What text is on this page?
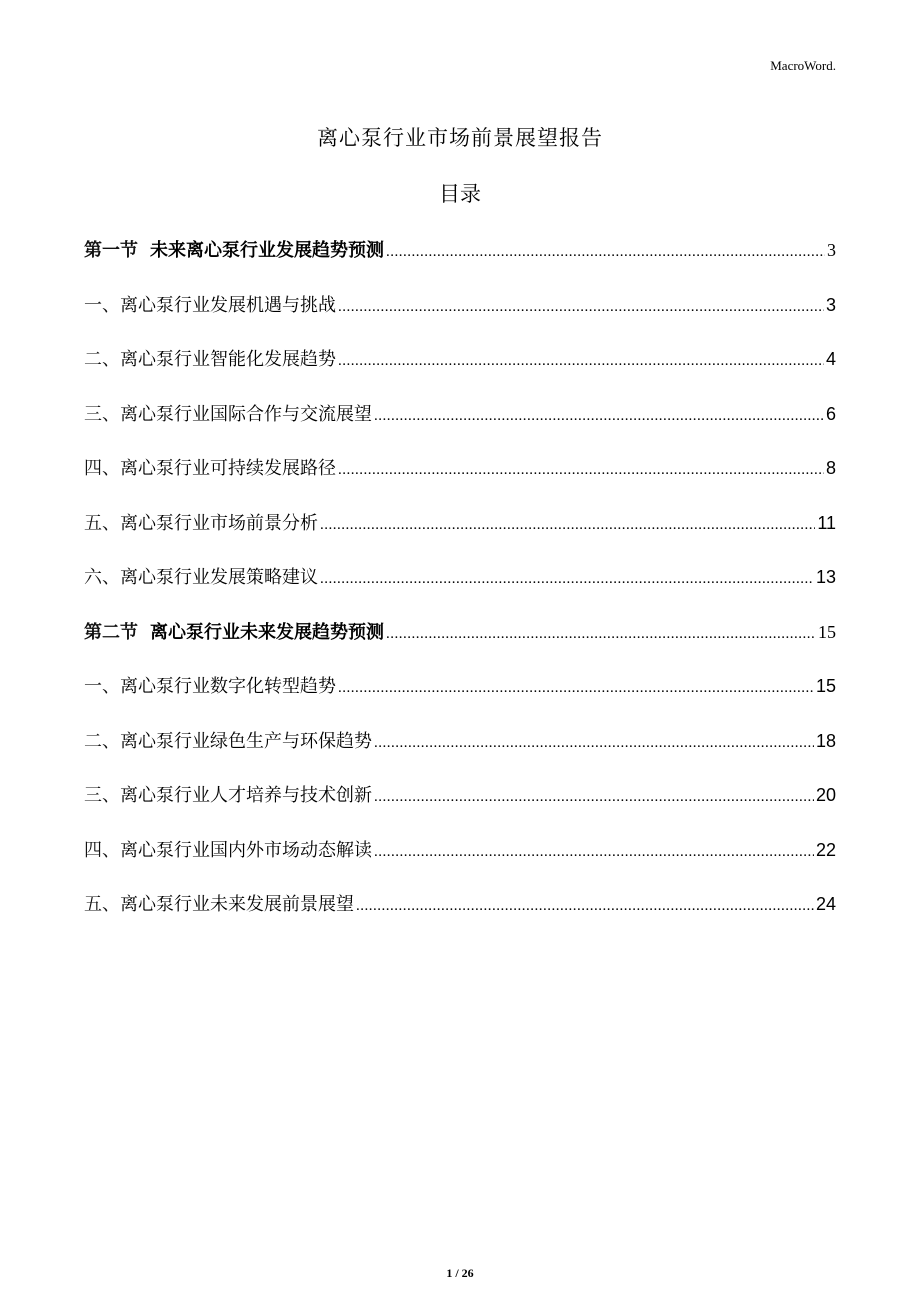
MacroWord.
离心泵行业市场前景展望报告
目录
第一节 未来离心泵行业发展趋势预测 .....	3
一、 离心泵行业发展机遇与挑战 .....	3
二、 离心泵行业智能化发展趋势 .....	4
三、 离心泵行业国际合作与交流展望 .....	6
四、 离心泵行业可持续发展路径 .....	8
五、 离心泵行业市场前景分析 .....	11
六、 离心泵行业发展策略建议 .....	13
第二节 离心泵行业未来发展趋势预测 .....	15
一、 离心泵行业数字化转型趋势 .....	15
二、 离心泵行业绿色生产与环保趋势 .....	18
三、 离心泵行业人才培养与技术创新 .....	20
四、 离心泵行业国内外市场动态解读 .....	22
五、 离心泵行业未来发展前景展望 .....	24
1 / 26
